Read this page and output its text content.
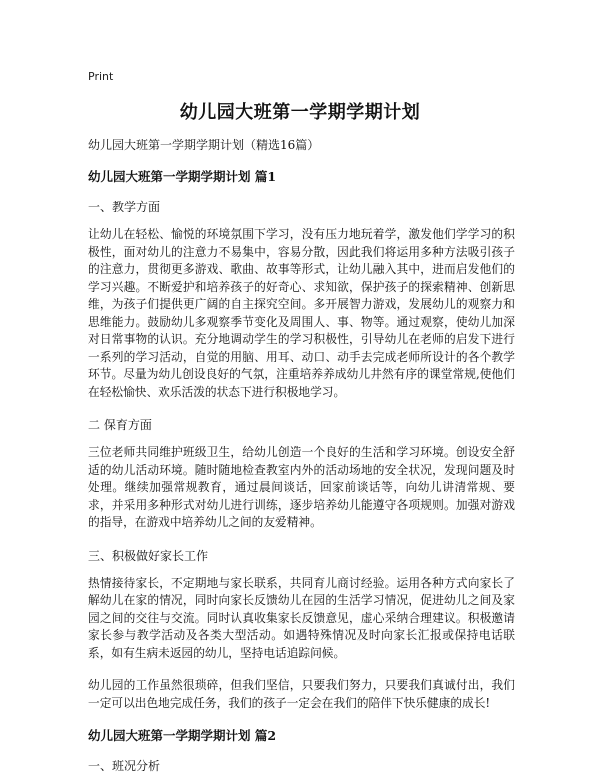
Print
幼儿园大班第一学期学期计划
幼儿园大班第一学期学期计划（精选16篇）
幼儿园大班第一学期学期计划 篇1
一、教学方面
让幼儿在轻松、愉悦的环境氛围下学习，没有压力地玩着学，激发他们学学习的积极性，面对幼儿的注意力不易集中，容易分散，因此我们将运用多种方法吸引孩子的注意力，贯彻更多游戏、歌曲、故事等形式，让幼儿融入其中，进而启发他们的学习兴趣。不断爱护和培养孩子的好奇心、求知欲，保护孩子的探索精神、创新思维，为孩子们提供更广阔的自主探究空间。多开展智力游戏，发展幼儿的观察力和思维能力。鼓励幼儿多观察季节变化及周围人、事、物等。通过观察，使幼儿加深对日常事物的认识。充分地调动学生的学习积极性，引导幼儿在老师的启发下进行一系列的学习活动，自觉的用脑、用耳、动口、动手去完成老师所设计的各个教学环节。尽量为幼儿创设良好的气氛，注重培养养成幼儿井然有序的课堂常规,使他们在轻松愉快、欢乐活泼的状态下进行积极地学习。
二 保育方面
三位老师共同维护班级卫生，给幼儿创造一个良好的生活和学习环境。创设安全舒适的幼儿活动环境。随时随地检查教室内外的活动场地的安全状况，发现问题及时处理。继续加强常规教育，通过晨间谈话，回家前谈话等，向幼儿讲清常规、要求，并采用多种形式对幼儿进行训练，逐步培养幼儿能遵守各项规则。加强对游戏的指导，在游戏中培养幼儿之间的友爱精神。
三、积极做好家长工作
热情接待家长，不定期地与家长联系，共同育儿商讨经验。运用各种方式向家长了解幼儿在家的情况，同时向家长反馈幼儿在园的生活学习情况，促进幼儿之间及家园之间的交往与交流。同时认真收集家长反馈意见，虚心采纳合理建议。积极邀请家长参与教学活动及各类大型活动。如遇特殊情况及时向家长汇报或保持电话联系，如有生病未返园的幼儿，坚持电话追踪问候。
幼儿园的工作虽然很琐碎，但我们坚信，只要我们努力，只要我们真诚付出，我们一定可以出色地完成任务，我们的孩子一定会在我们的陪伴下快乐健康的成长!
幼儿园大班第一学期学期计划 篇2
一、班况分析
